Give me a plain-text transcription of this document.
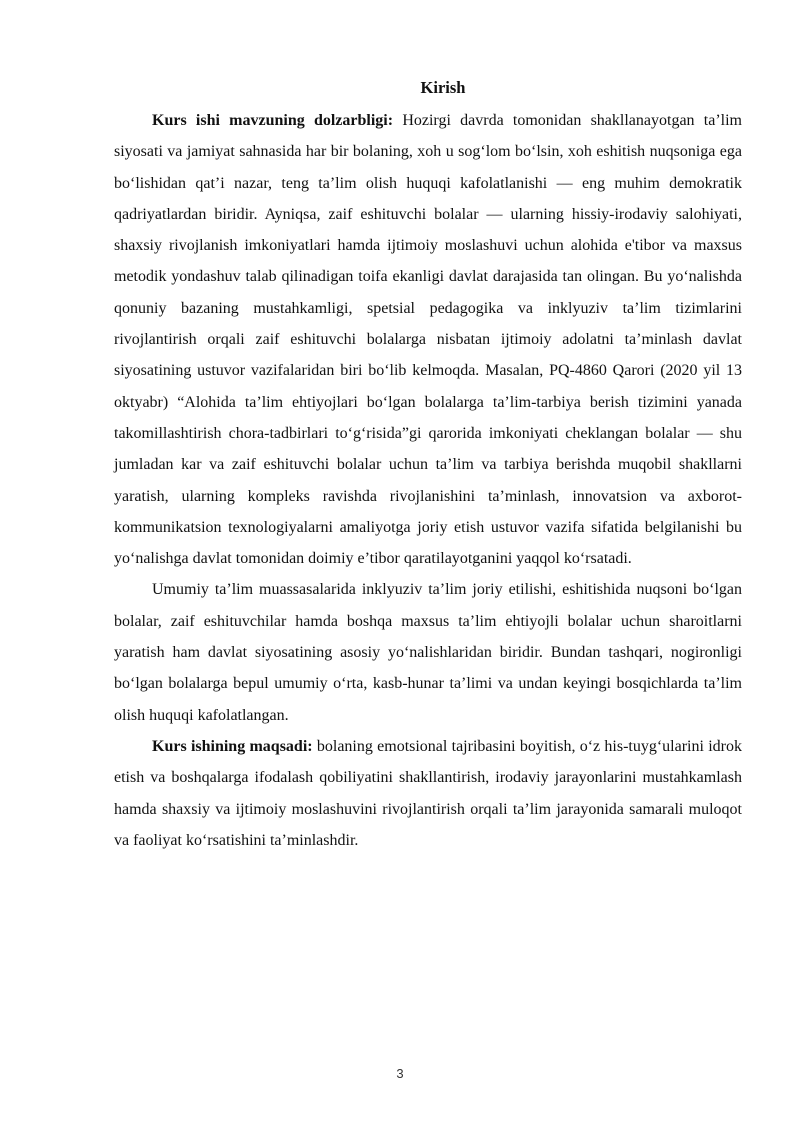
Kirish

Kurs ishi mavzuning dolzarbligi: Hozirgi davrda tomonidan shakllanayotgan ta’lim siyosati va jamiyat sahnasida har bir bolaning, xoh u sog‘lom bo‘lsin, xoh eshitish nuqsoniga ega bo‘lishidan qat’i nazar, teng ta’lim olish huquqi kafolatlanishi — eng muhim demokratik qadriyatlardan biridir. Ayniqsa, zaif eshituvchi bolalar — ularning hissiy-irodaviy salohiyati, shaxsiy rivojlanish imkoniyatlari hamda ijtimoiy moslashuvi uchun alohida e'tibor va maxsus metodik yondashuv talab qilinadigan toifa ekanligi davlat darajasida tan olingan. Bu yo‘nalishda qonuniy bazaning mustahkamligi, spetsial pedagogika va inklyuziv ta’lim tizimlarini rivojlantirish orqali zaif eshituvchi bolalarga nisbatan ijtimoiy adolatni ta’minlash davlat siyosatining ustuvor vazifalaridan biri bo‘lib kelmoqda. Masalan, PQ-4860 Qarori (2020 yil 13 oktyabr) “Alohida ta’lim ehtiyojlari bo‘lgan bolalarga ta’lim-tarbiya berish tizimini yanada takomillashtirish chora-tadbirlari to‘g‘risida”gi qarorida imkoniyati cheklangan bolalar — shu jumladan kar va zaif eshituvchi bolalar uchun ta’lim va tarbiya berishda muqobil shakllarni yaratish, ularning kompleks ravishda rivojlanishini ta’minlash, innovatsion va axborot-kommunikatsion texnologiyalarni amaliyotga joriy etish ustuvor vazifa sifatida belgilanishi bu yo‘nalishga davlat tomonidan doimiy e’tibor qaratilayotganini yaqqol ko‘rsatadi.

Umumiy ta’lim muassasalarida inklyuziv ta’lim joriy etilishi, eshitishida nuqsoni bo‘lgan bolalar, zaif eshituvchilar hamda boshqa maxsus ta’lim ehtiyojli bolalar uchun sharoitlarni yaratish ham davlat siyosatining asosiy yo‘nalishlaridan biridir. Bundan tashqari, nogironligi bo‘lgan bolalarga bepul umumiy o‘rta, kasb-hunar ta’limi va undan keyingi bosqichlarda ta’lim olish huquqi kafolatlangan.

Kurs ishining maqsadi: bolaning emotsional tajribasini boyitish, o‘z his-tuyg‘ularini idrok etish va boshqalarga ifodalash qobiliyatini shakllantirish, irodaviy jarayonlarini mustahkamlash hamda shaxsiy va ijtimoiy moslashuvini rivojlantirish orqali ta’lim jarayonida samarali muloqot va faoliyat ko‘rsatishini ta’minlashdir.

3
